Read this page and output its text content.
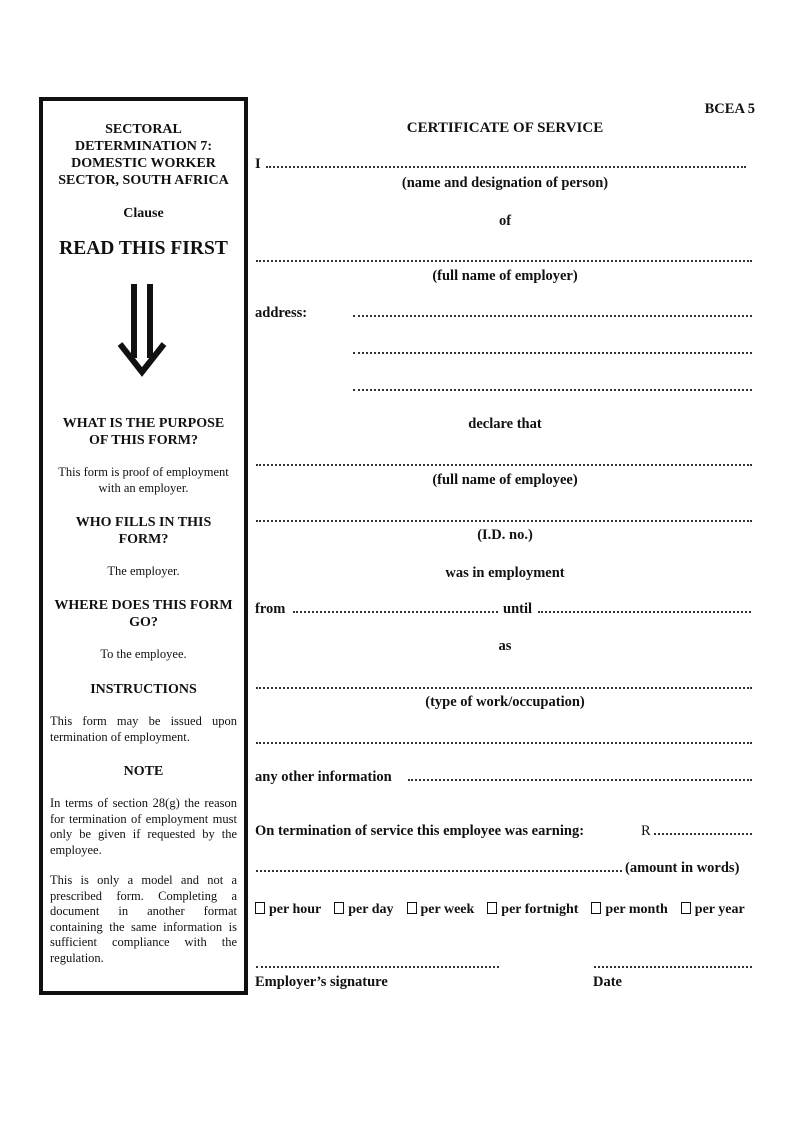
SECTORAL
DETERMINATION 7:
DOMESTIC WORKER
SECTOR, SOUTH AFRICA
Clause
READ THIS FIRST
WHAT IS THE PURPOSE
OF THIS FORM?
This form is proof of employment
with an employer.
WHO FILLS IN THIS
FORM?
The employer.
WHERE DOES THIS FORM
GO?
To the employee.
INSTRUCTIONS
This form may be issued upon termination of employment.
NOTE
In terms of section 28(g) the reason for termination of employment must only be given if requested by the employee.
This is only a model and not a prescribed form. Completing a document in another format containing the same information is sufficient compliance with the regulation.
BCEA 5
CERTIFICATE OF SERVICE
I
(name and designation of person)
of
(full name of employer)
address:
declare that
(full name of employee)
(I.D. no.)
was in employment
from	until
as
(type of work/occupation)
any other information
On termination of service this employee was earning:	R
(amount in words)
per hour per day per week per fortnight per month per year
Employer’s signature	Date
